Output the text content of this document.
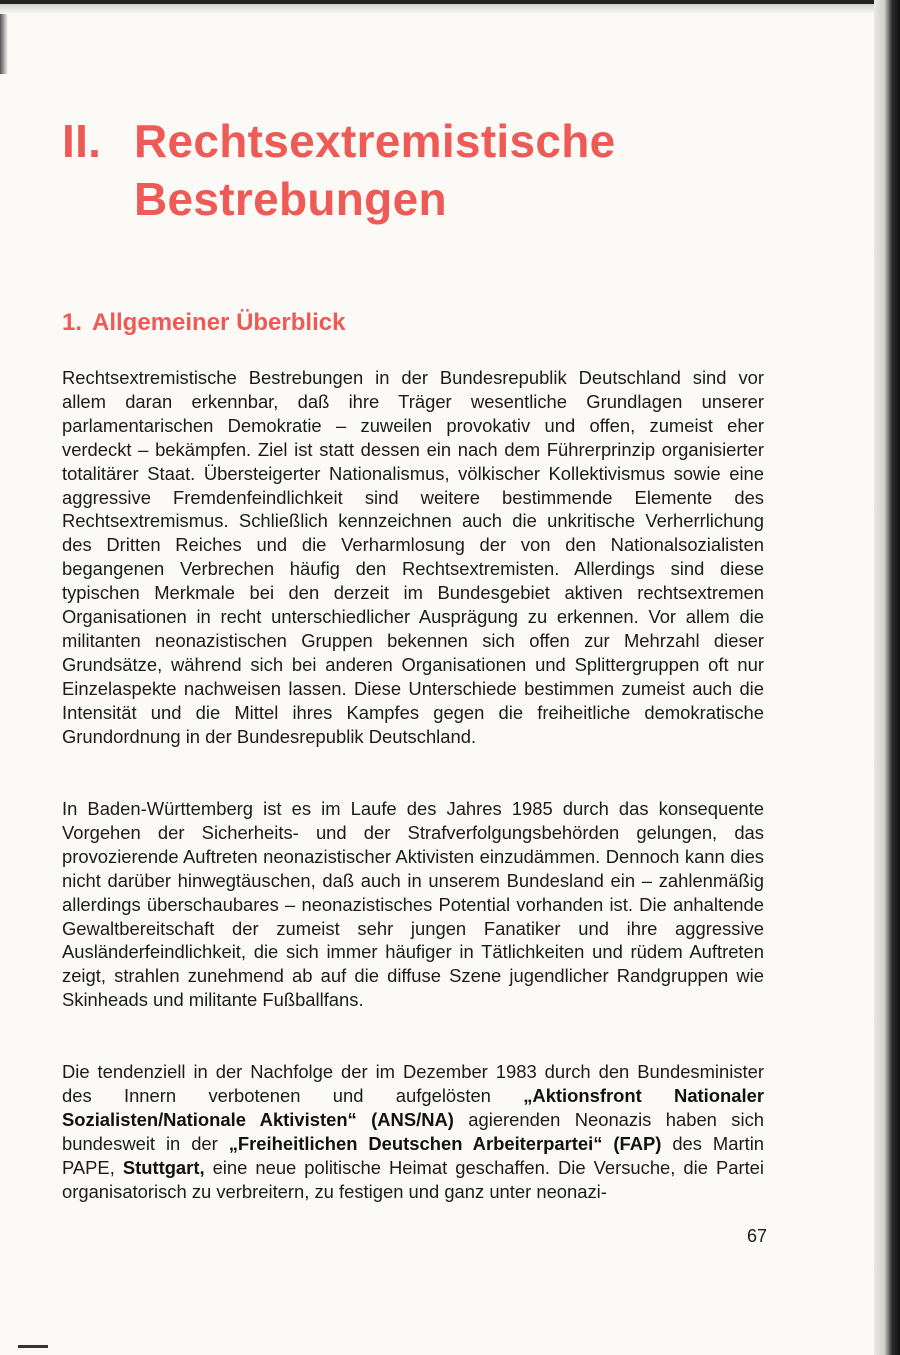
II. Rechtsextremistische
Bestrebungen
1. Allgemeiner Überblick

Rechtsextremistische Bestrebungen in der Bundesrepublik Deutschland sind vor allem daran erkennbar, daß ihre Träger wesentliche Grundlagen unserer parlamentarischen Demokratie – zuweilen provokativ und offen, zumeist eher verdeckt – bekämpfen. Ziel ist statt dessen ein nach dem Führerprinzip organisierter totalitärer Staat. Übersteigerter Nationalismus, völkischer Kollektivismus sowie eine aggressive Fremdenfeindlichkeit sind weitere bestimmende Elemente des Rechtsextremismus. Schließlich kennzeichnen auch die unkritische Verherrlichung des Dritten Reiches und die Verharmlosung der von den Nationalsozialisten begangenen Verbrechen häufig den Rechtsextremisten. Allerdings sind diese typischen Merkmale bei den derzeit im Bundesgebiet aktiven rechtsextremen Organisationen in recht unterschiedlicher Ausprägung zu erkennen. Vor allem die militanten neonazistischen Gruppen bekennen sich offen zur Mehrzahl dieser Grundsätze, während sich bei anderen Organisationen und Splittergruppen oft nur Einzelaspekte nachweisen lassen. Diese Unterschiede bestimmen zumeist auch die Intensität und die Mittel ihres Kampfes gegen die freiheitliche demokratische Grundordnung in der Bundesrepublik Deutschland.

In Baden-Württemberg ist es im Laufe des Jahres 1985 durch das konsequente Vorgehen der Sicherheits- und der Strafverfolgungsbehörden gelungen, das provozierende Auftreten neonazistischer Aktivisten einzudämmen. Dennoch kann dies nicht darüber hinwegtäuschen, daß auch in unserem Bundesland ein – zahlenmäßig allerdings überschaubares – neonazistisches Potential vorhanden ist. Die anhaltende Gewaltbereitschaft der zumeist sehr jungen Fanatiker und ihre aggressive Ausländerfeindlichkeit, die sich immer häufiger in Tätlichkeiten und rüdem Auftreten zeigt, strahlen zunehmend ab auf die diffuse Szene jugendlicher Randgruppen wie Skinheads und militante Fußballfans.

Die tendenziell in der Nachfolge der im Dezember 1983 durch den Bundesminister des Innern verbotenen und aufgelösten „Aktionsfront Nationaler Sozialisten/Nationale Aktivisten“ (ANS/NA) agierenden Neonazis haben sich bundesweit in der „Freiheitlichen Deutschen Arbeiterpartei“ (FAP) des Martin PAPE, Stuttgart, eine neue politische Heimat geschaffen. Die Versuche, die Partei organisatorisch zu verbreitern, zu festigen und ganz unter neonazi-

67
